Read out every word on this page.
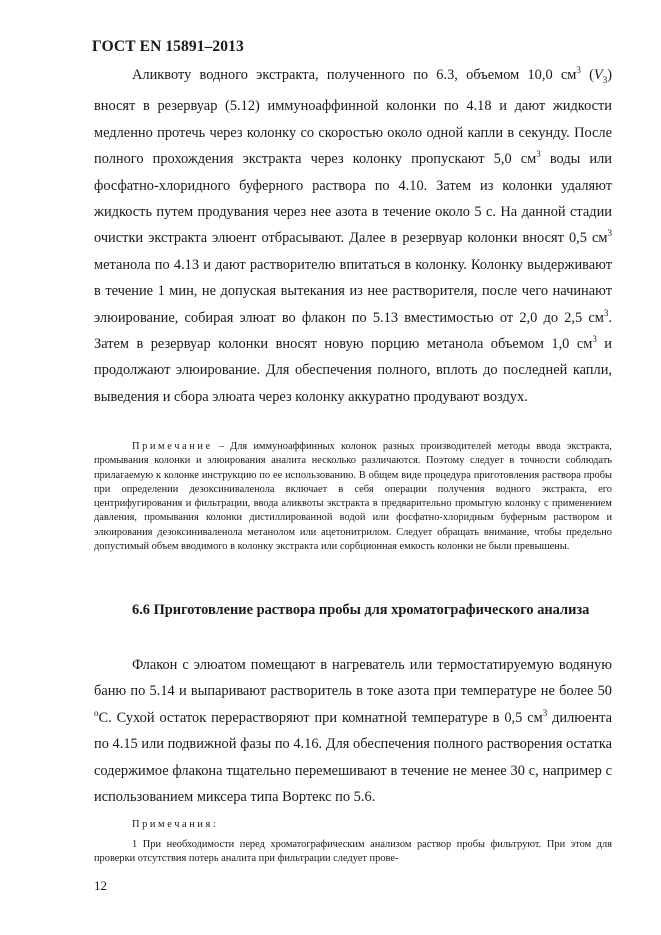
ГОСТ EN 15891–2013

Аликвоту водного экстракта, полученного по 6.3, объемом 10,0 $см^3$ $(V_3)$ вносят в резервуар (5.12) иммуноаффинной колонки по 4.18 и дают жидкости медленно протечь через колонку со скоростью около одной капли в секунду. После полного прохождения экстракта через колонку пропускают 5,0 $см^3$ воды или фосфатно-хлоридного буферного раствора по 4.10. Затем из колонки удаляют жидкость путем продувания через нее азота в течение около 5 с. На данной стадии очистки экстракта элюент отбрасывают. Далее в резервуар колонки вносят 0,5 $см^3$ метанола по 4.13 и дают растворителю впитаться в колонку. Колонку выдерживают в течение 1 мин, не допуская вытекания из нее растворителя, после чего начинают элюирование, собирая элюат во флакон по 5.13 вместимостью от 2,0 до 2,5 $см^3$. Затем в резервуар колонки вносят новую порцию метанола объемом 1,0 $см^3$ и продолжают элюирование. Для обеспечения полного, вплоть до последней капли, выведения и сбора элюата через колонку аккуратно продувают воздух.

Примечание – Для иммуноаффинных колонок разных производителей методы ввода экстракта, промывания колонки и элюирования аналита несколько различаются. Поэтому следует в точности соблюдать прилагаемую к колонке инструкцию по ее использованию. В общем виде процедура приготовления раствора пробы при определении дезоксиниваленола включает в себя операции получения водного экстракта, его центрифугирования и фильтрации, ввода аликвоты экстракта в предварительно промытую колонку с применением давления, промывания колонки дистиллированной водой или фосфатно-хлоридным буферным раствором и элюирования дезоксиниваленола метанолом или ацетонитрилом. Следует обращать внимание, чтобы предельно допустимый объем вводимого в колонку экстракта или сорбционная емкость колонки не были превышены.
6.6 Приготовление раствора пробы для хроматографического анализа

Флакон с элюатом помещают в нагреватель или термостатируемую водяную баню по 5.14 и выпаривают растворитель в токе азота при температуре не более 50 $^о$С. Сухой остаток перерастворяют при комнатной температуре в 0,5 $см^3$ дилюента по 4.15 или подвижной фазы по 4.16. Для обеспечения полного растворения остатка содержимое флакона тщательно перемешивают в течение не менее 30 с, например с использованием миксера типа Вортекс по 5.6.

Примечания:
1 При необходимости перед хроматографическим анализом раствор пробы фильтруют. При этом для проверки отсутствия потерь аналита при фильтрации следует прове-
12
